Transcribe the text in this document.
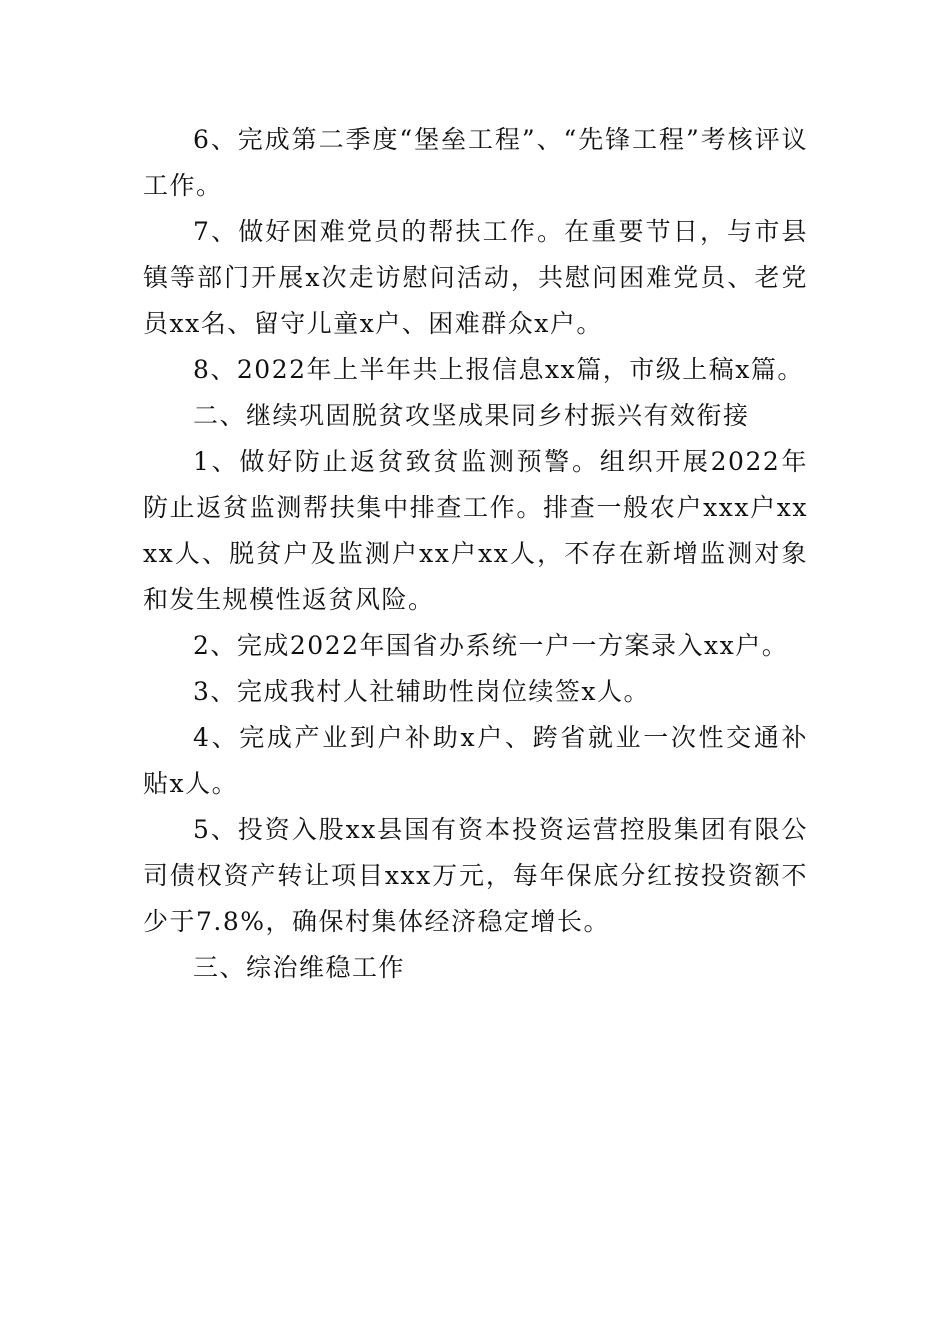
6、完成第二季度“堡垒工程”、“先锋工程”考核评议工作。

7、做好困难党员的帮扶工作。在重要节日，与市县镇等部门开展x次走访慰问活动，共慰问困难党员、老党员xx名、留守儿童x户、困难群众x户。

8、2022年上半年共上报信息xx篇，市级上稿x篇。

二、继续巩固脱贫攻坚成果同乡村振兴有效衔接

1、做好防止返贫致贫监测预警。组织开展2022年防止返贫监测帮扶集中排查工作。排查一般农户xxx户xxxx人、脱贫户及监测户xx户xx人，不存在新增监测对象和发生规模性返贫风险。

2、完成2022年国省办系统一户一方案录入xx户。

3、完成我村人社辅助性岗位续签x人。

4、完成产业到户补助x户、跨省就业一次性交通补贴x人。

5、投资入股xx县国有资本投资运营控股集团有限公司债权资产转让项目xxx万元，每年保底分红按投资额不少于7.8%，确保村集体经济稳定增长。

三、综治维稳工作
